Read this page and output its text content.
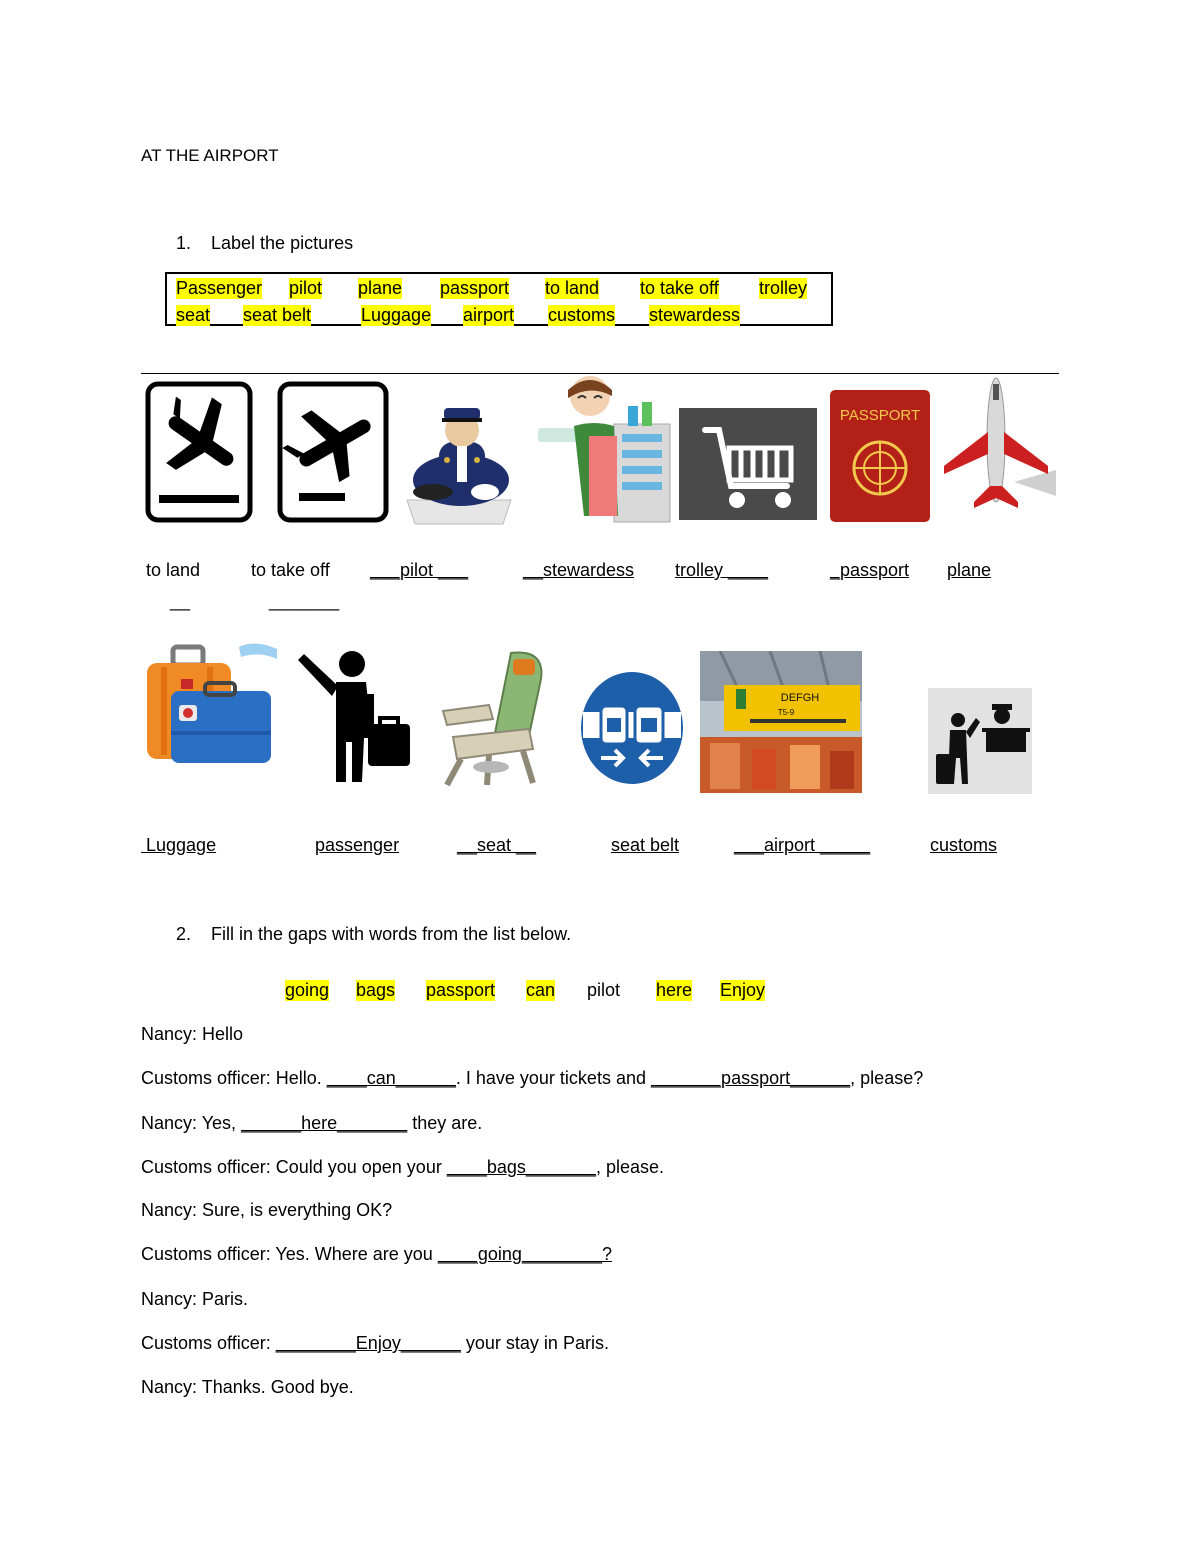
AT THE AIRPORT
1. Label the pictures
Passenger pilot plane passport to land to take off trolley
seat seat belt	Luggage airport customs stewardess
PASSPORT
to land	to take off ___pilot ___	__stewardess trolley ____	_passport plane
__	_______
DEFGH
T5-9
Luggage	passenger	__seat __	seat belt	___airport _____	customs
2. Fill in the gaps with words from the list below.
going bags passport can pilot here Enjoy
Nancy: Hello
Customs officer: Hello. ____can______. I have your tickets and _______passport______, please?
Nancy: Yes, ______here_______ they are.
Customs officer: Could you open your ____bags_______, please.
Nancy: Sure, is everything OK?
Customs officer: Yes. Where are you ____going________?
Nancy: Paris.
Customs officer: ________Enjoy______ your stay in Paris.
Nancy: Thanks. Good bye.
